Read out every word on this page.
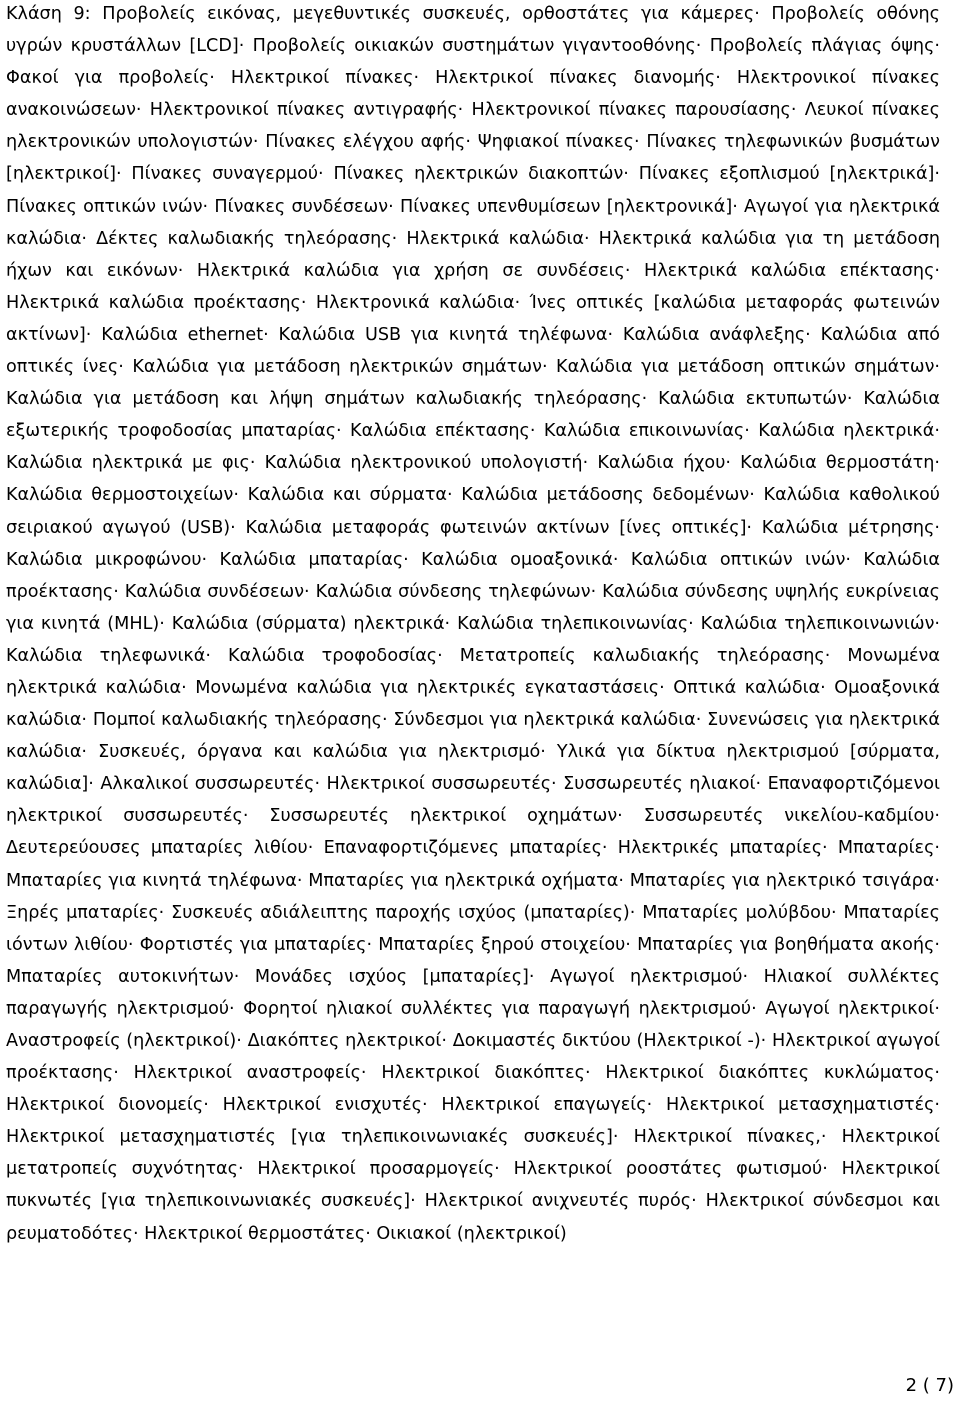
Κλάση 9: Προβολείς εικόνας, μεγεθυντικές συσκευές, ορθοστάτες για κάμερες· Προβολείς οθόνης υγρών κρυστάλλων [LCD]· Προβολείς οικιακών συστημάτων γιγαντοοθόνης· Προβολείς πλάγιας όψης· Φακοί για προβολείς· Ηλεκτρικοί πίνακες· Ηλεκτρικοί πίνακες διανομής· Ηλεκτρονικοί πίνακες ανακοινώσεων· Ηλεκτρονικοί πίνακες αντιγραφής· Ηλεκτρονικοί πίνακες παρουσίασης· Λευκοί πίνακες ηλεκτρονικών υπολογιστών· Πίνακες ελέγχου αφής· Ψηφιακοί πίνακες· Πίνακες τηλεφωνικών βυσμάτων [ηλεκτρικοί]· Πίνακες συναγερμού· Πίνακες ηλεκτρικών διακοπτών· Πίνακες εξοπλισμού [ηλεκτρικά]· Πίνακες οπτικών ινών· Πίνακες συνδέσεων· Πίνακες υπενθυμίσεων [ηλεκτρονικά]· Αγωγοί για ηλεκτρικά καλώδια· Δέκτες καλωδιακής τηλεόρασης· Ηλεκτρικά καλώδια· Ηλεκτρικά καλώδια για τη μετάδοση ήχων και εικόνων· Ηλεκτρικά καλώδια για χρήση σε συνδέσεις· Ηλεκτρικά καλώδια επέκτασης· Ηλεκτρικά καλώδια προέκτασης· Ηλεκτρονικά καλώδια· Ίνες οπτικές [καλώδια μεταφοράς φωτεινών ακτίνων]· Καλώδια ethernet· Καλώδια USB για κινητά τηλέφωνα· Καλώδια ανάφλεξης· Καλώδια από οπτικές ίνες· Καλώδια για μετάδοση ηλεκτρικών σημάτων· Καλώδια για μετάδοση οπτικών σημάτων· Καλώδια για μετάδοση και λήψη σημάτων καλωδιακής τηλεόρασης· Καλώδια εκτυπωτών· Καλώδια εξωτερικής τροφοδοσίας μπαταρίας· Καλώδια επέκτασης· Καλώδια επικοινωνίας· Καλώδια ηλεκτρικά· Καλώδια ηλεκτρικά με φις· Καλώδια ηλεκτρονικού υπολογιστή· Καλώδια ήχου· Καλώδια θερμοστάτη· Καλώδια θερμοστοιχείων· Καλώδια και σύρματα· Καλώδια μετάδοσης δεδομένων· Καλώδια καθολικού σειριακού αγωγού (USB)· Καλώδια μεταφοράς φωτεινών ακτίνων [ίνες οπτικές]· Καλώδια μέτρησης· Καλώδια μικροφώνου· Καλώδια μπαταρίας· Καλώδια ομοαξονικά· Καλώδια οπτικών ινών· Καλώδια προέκτασης· Καλώδια συνδέσεων· Καλώδια σύνδεσης τηλεφώνων· Καλώδια σύνδεσης υψηλής ευκρίνειας για κινητά (MHL)· Καλώδια (σύρματα) ηλεκτρικά· Καλώδια τηλεπικοινωνίας· Καλώδια τηλεπικοινωνιών· Καλώδια τηλεφωνικά· Καλώδια τροφοδοσίας· Μετατροπείς καλωδιακής τηλεόρασης· Μονωμένα ηλεκτρικά καλώδια· Μονωμένα καλώδια για ηλεκτρικές εγκαταστάσεις· Οπτικά καλώδια· Ομοαξονικά καλώδια· Πομποί καλωδιακής τηλεόρασης· Σύνδεσμοι για ηλεκτρικά καλώδια· Συνενώσεις για ηλεκτρικά καλώδια· Συσκευές, όργανα και καλώδια για ηλεκτρισμό· Υλικά για δίκτυα ηλεκτρισμού [σύρματα, καλώδια]· Αλκαλικοί συσσωρευτές· Ηλεκτρικοί συσσωρευτές· Συσσωρευτές ηλιακοί· Επαναφορτιζόμενοι ηλεκτρικοί συσσωρευτές· Συσσωρευτές ηλεκτρικοί οχημάτων· Συσσωρευτές νικελίου-καδμίου· Δευτερεύουσες μπαταρίες λιθίου· Επαναφορτιζόμενες μπαταρίες· Ηλεκτρικές μπαταρίες· Μπαταρίες· Μπαταρίες για κινητά τηλέφωνα· Μπαταρίες για ηλεκτρικά οχήματα· Μπαταρίες για ηλεκτρικό τσιγάρα· Ξηρές μπαταρίες· Συσκευές αδιάλειπτης παροχής ισχύος (μπαταρίες)· Μπαταρίες μολύβδου· Μπαταρίες ιόντων λιθίου· Φορτιστές για μπαταρίες· Μπαταρίες ξηρού στοιχείου· Μπαταρίες για βοηθήματα ακοής· Μπαταρίες αυτοκινήτων· Μονάδες ισχύος [μπαταρίες]· Αγωγοί ηλεκτρισμού· Ηλιακοί συλλέκτες παραγωγής ηλεκτρισμού· Φορητοί ηλιακοί συλλέκτες για παραγωγή ηλεκτρισμού· Αγωγοί ηλεκτρικοί· Αναστροφείς (ηλεκτρικοί)· Διακόπτες ηλεκτρικοί· Δοκιμαστές δικτύου (Ηλεκτρικοί -)· Ηλεκτρικοί αγωγοί προέκτασης· Ηλεκτρικοί αναστροφείς· Ηλεκτρικοί διακόπτες· Ηλεκτρικοί διακόπτες κυκλώματος· Ηλεκτρικοί διονομείς· Ηλεκτρικοί ενισχυτές· Ηλεκτρικοί επαγωγείς· Ηλεκτρικοί μετασχηματιστές· Ηλεκτρικοί μετασχηματιστές [για τηλεπικοινωνιακές συσκευές]· Ηλεκτρικοί πίνακες,· Ηλεκτρικοί μετατροπείς συχνότητας· Ηλεκτρικοί προσαρμογείς· Ηλεκτρικοί ροοστάτες φωτισμού· Ηλεκτρικοί πυκνωτές [για τηλεπικοινωνιακές συσκευές]· Ηλεκτρικοί ανιχνευτές πυρός· Ηλεκτρικοί σύνδεσμοι και ρευματοδότες· Ηλεκτρικοί θερμοστάτες· Οικιακοί (ηλεκτρικοί)

2 ( 7)
